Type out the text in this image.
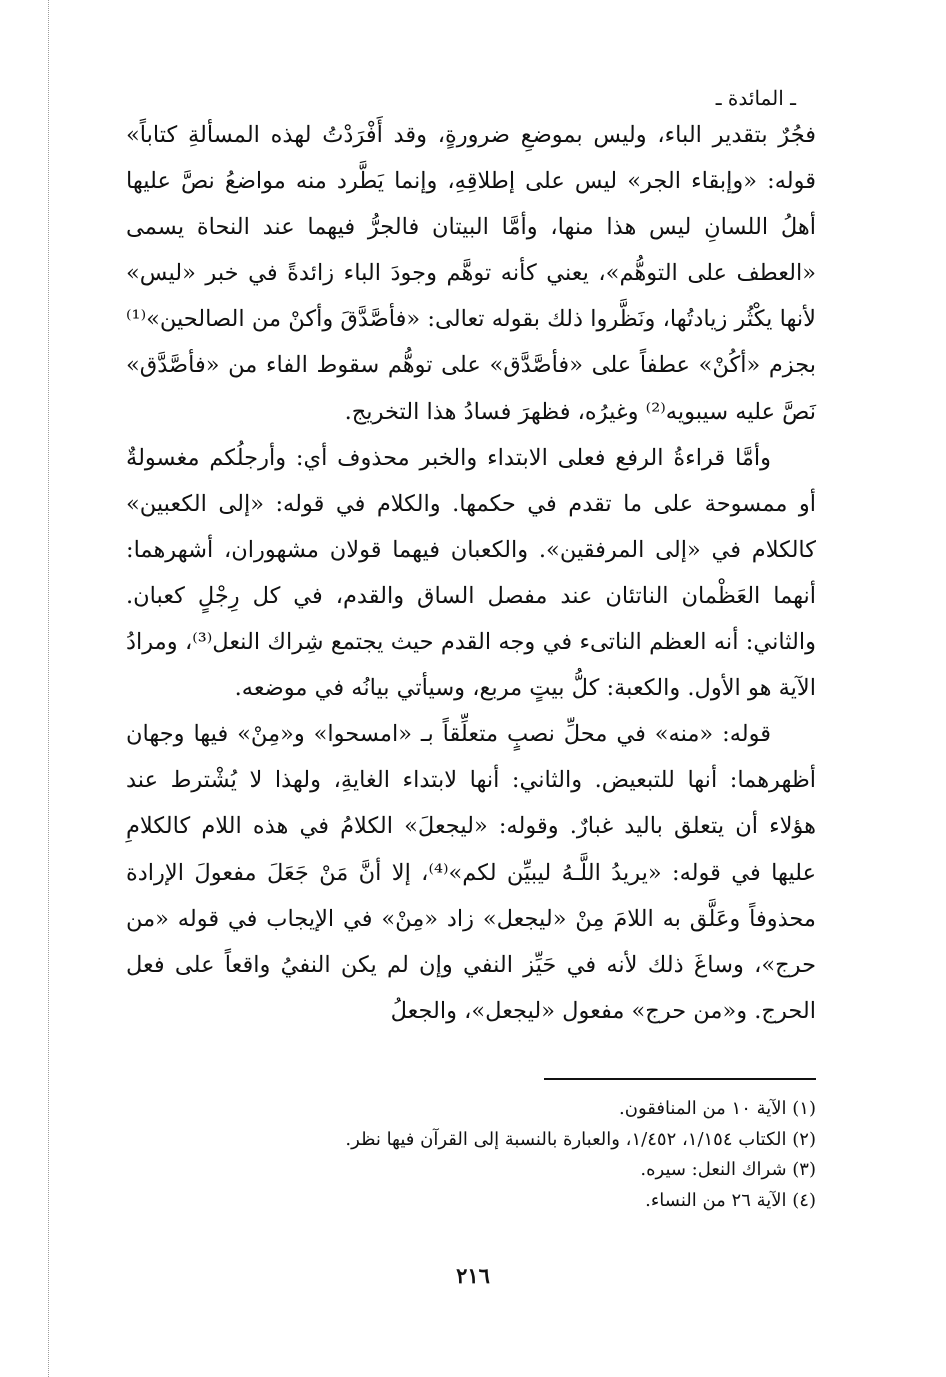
ـ المائدة ـ

فجُرٌ بتقدير الباء، وليس بموضعِ ضرورةٍ، وقد أَفْرَدْتُ لهذه المسألةِ كتاباً» قوله: «وإبقاء الجر» ليس على إطلاقِهِ، وإنما يَطَّرد منه مواضعُ نصَّ عليها أهلُ اللسانِ ليس هذا منها، وأمَّا البيتان فالجرُّ فيهما عند النحاة يسمى «العطف على التوهُّم»، يعني كأنه توهَّم وجودَ الباء زائدةً في خبر «ليس» لأنها يكْثُر زيادتُها، ونَظَّروا ذلك بقوله تعالى: «فأصَّدَّقَ وأكنْ من الصالحين»⁽¹⁾ بجزم «أكُنْ» عطفاً على «فأصَّدَّق» على توهُّم سقوط الفاء من «فأصَّدَّق» نَصَّ عليه سيبويه⁽²⁾ وغيرُه، فظهرَ فسادُ هذا التخريج.

وأمَّا قراءةُ الرفع فعلى الابتداء والخبر محذوف أي: وأرجلُكم مغسولةٌ أو ممسوحة على ما تقدم في حكمها. والكلام في قوله: «إلى الكعبين» كالكلام في «إلى المرفقين». والكعبان فيهما قولان مشهوران، أشهرهما: أنهما العَظْمان الناتئان عند مفصل الساق والقدم، في كل رِجْلٍ كعبان. والثاني: أنه العظم الناتىء في وجه القدم حيث يجتمع شِراك النعل⁽³⁾، ومرادُ الآية هو الأول. والكعبة: كلُّ بيتٍ مربع، وسيأتي بيانُه في موضعه.

قوله: «منه» في محلِّ نصبٍ متعلِّقاً بـ «امسحوا» و«مِنْ» فيها وجهان أظهرهما: أنها للتبعيض. والثاني: أنها لابتداء الغايةِ، ولهذا لا يُشْترط عند هؤلاء أن يتعلق باليد غبارٌ. وقوله: «ليجعلَ» الكلامُ في هذه اللام كالكلامِ عليها في قوله: «يريدُ اللَّـهُ ليبيِّن لكم»⁽⁴⁾، إلا أنَّ مَنْ جَعَلَ مفعولَ الإرادة محذوفاً وعَلَّق به اللامَ مِنْ «ليجعل» زاد «مِنْ» في الإيجاب في قوله «من حرج»، وساغَ ذلك لأنه في حَيِّز النفي وإن لم يكن النفيُ واقعاً على فعل الحرج. و«من حرج» مفعول «ليجعل»، والجعلُ

(١) الآية ١٠ من المنافقون.

(٢) الكتاب ١/١٥٤، ١/٤٥٢، والعبارة بالنسبة إلى القرآن فيها نظر.

(٣) شراك النعل: سيره.

(٤) الآية ٢٦ من النساء.

٢١٦
